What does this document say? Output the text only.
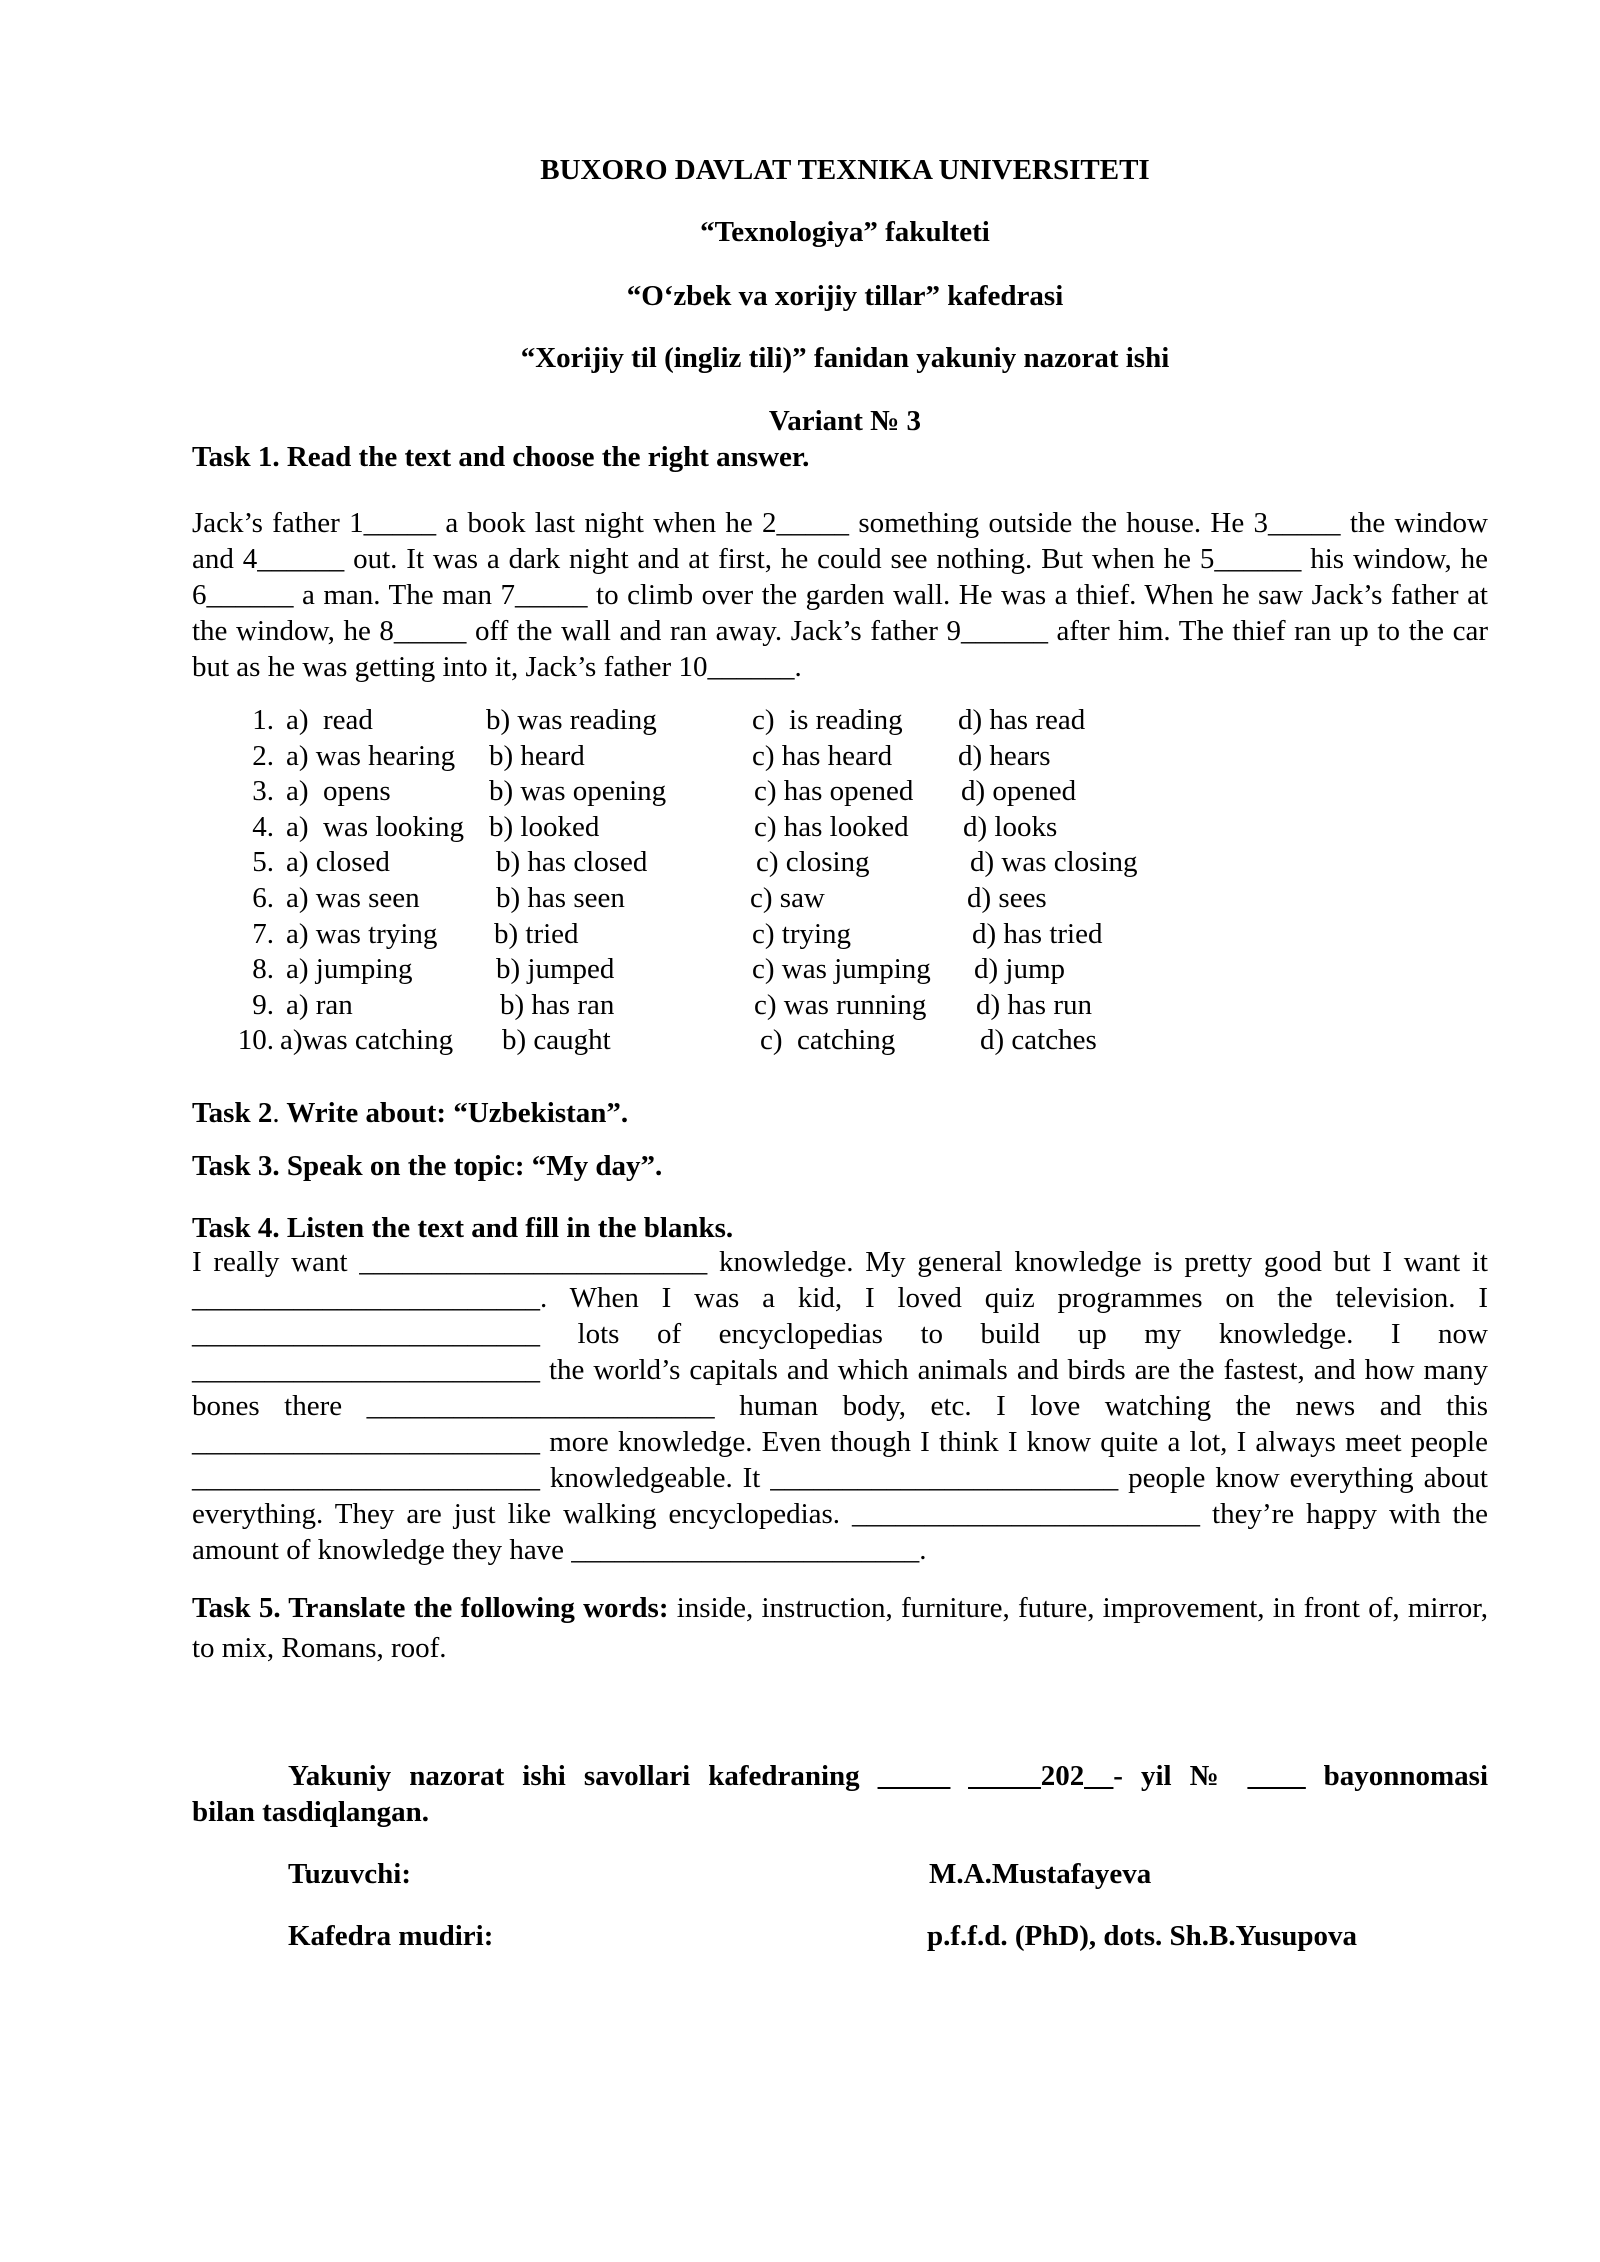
BUXORO DAVLAT TEXNIKA UNIVERSITETI
“Texnologiya” fakulteti
“O‘zbek va xorijiy tillar” kafedrasi
“Xorijiy til (ingliz tili)” fanidan yakuniy nazorat ishi
Variant № 3
Task 1. Read the text and choose the right answer.
Jack’s father 1_____ a book last night when he 2_____ something outside the house. He 3_____ the window and 4______ out. It was a dark night and at first, he could see nothing. But when he 5______ his window, he 6______ a man. The man 7_____ to climb over the garden wall. He was a thief. When he saw Jack’s father at the window, he 8_____ off the wall and ran away. Jack’s father 9______ after him. The thief ran up to the car but as he was getting into it, Jack’s father 10______.
1. a)  read	b) was reading	c)  is reading d) has read
2. a) was hearing b) heard	c) has heard d) hears
3. a)  opens	b) was opening	c) has opened d) opened
4. a)  was looking b) looked	c) has looked d) looks
5. a) closed	b) has closed	c) closing	d) was closing
6. a) was seen	b) has seen	c) saw	d) sees
7. a) was trying b) tried	c) trying	d) has tried
8. a) jumping	b) jumped	c) was jumping d) jump
9. a) ran	b) has ran	c) was running d) has run
10. a)was catching b) caught	c)  catching	d) catches
Task 2. Write about: “Uzbekistan”.
Task 3. Speak on the topic: “My day”.
Task 4. Listen the text and fill in the blanks.
I really want ________________________ knowledge. My general knowledge is pretty good but I want it ________________________. When I was a kid, I loved quiz programmes on the television. I ________________________ lots of encyclopedias to build up my knowledge. I now ________________________ the world’s capitals and which animals and birds are the fastest, and how many bones there ________________________ human body, etc. I love watching the news and this ________________________ more knowledge. Even though I think I know quite a lot, I always meet people ________________________ knowledgeable. It ________________________ people know everything about everything. They are just like walking encyclopedias. ________________________ they’re happy with the amount of knowledge they have ________________________.
Task 5. Translate the following words: inside, instruction, furniture, future, improvement, in front of, mirror, to mix, Romans, roof.
Yakuniy nazorat ishi savollari kafedraning _____ _____202__- yil № ____ bayonnomasi
bilan tasdiqlangan.
Tuzuvchi:	M.A.Mustafayeva
Kafedra mudiri:	p.f.f.d. (PhD), dots. Sh.B.Yusupova
